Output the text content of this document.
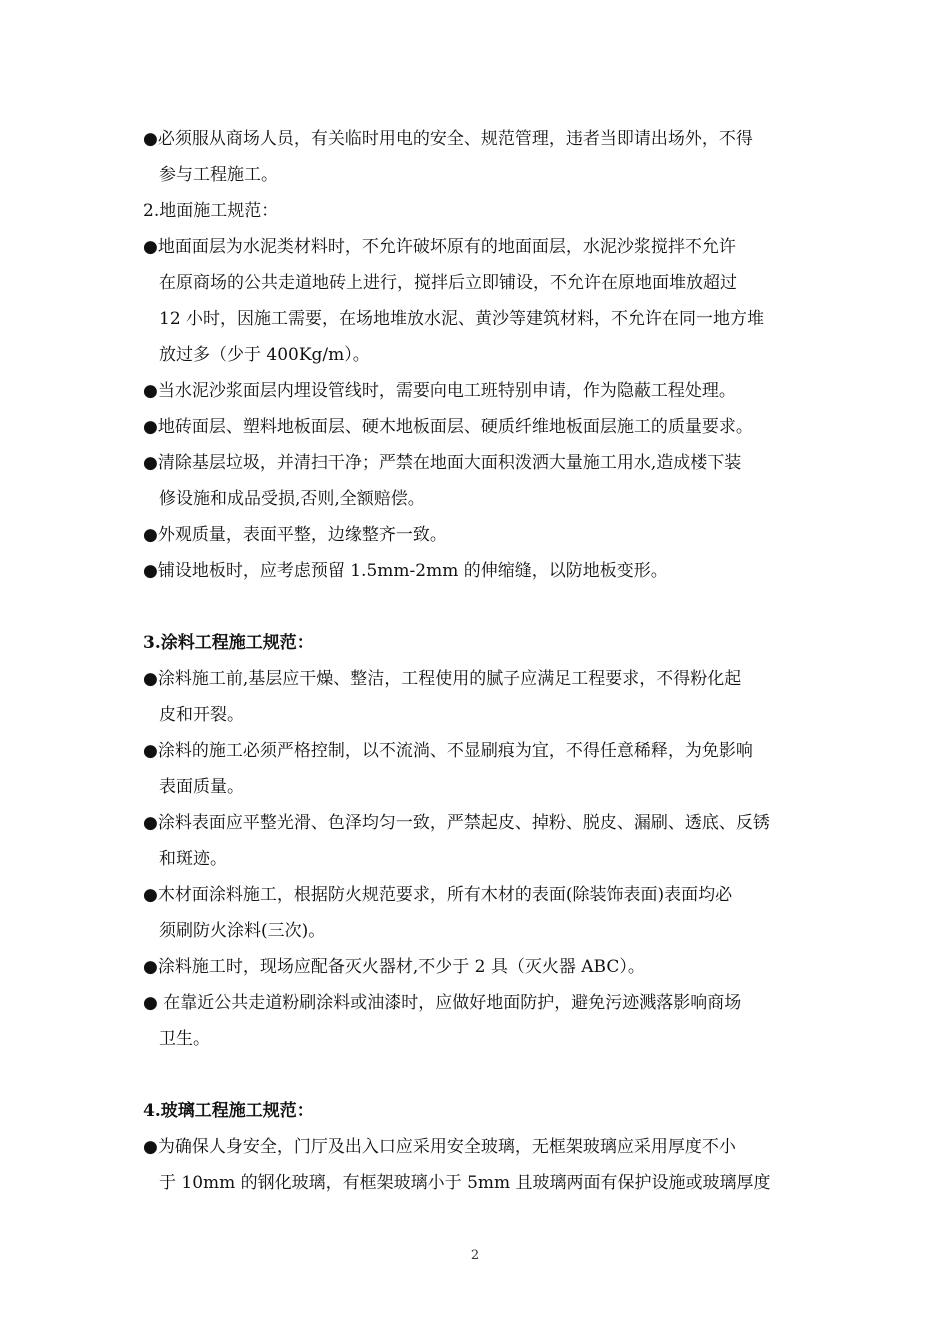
●必须服从商场人员，有关临时用电的安全、规范管理，违者当即请出场外，不得
参与工程施工。
2.地面施工规范：
●地面面层为水泥类材料时，不允许破坏原有的地面面层，水泥沙浆搅拌不允许
在原商场的公共走道地砖上进行，搅拌后立即铺设，不允许在原地面堆放超过
12 小时，因施工需要，在场地堆放水泥、黄沙等建筑材料，不允许在同一地方堆
放过多（少于 400Kg/m）。
●当水泥沙浆面层内埋设管线时，需要向电工班特别申请，作为隐蔽工程处理。
●地砖面层、塑料地板面层、硬木地板面层、硬质纤维地板面层施工的质量要求。
●清除基层垃圾，并清扫干净；严禁在地面大面积泼洒大量施工用水,造成楼下装
修设施和成品受损,否则,全额赔偿。
●外观质量，表面平整，边缘整齐一致。
●铺设地板时，应考虑预留 1.5mm-2mm 的伸缩缝，以防地板变形。
3.涂料工程施工规范：
●涂料施工前,基层应干燥、整洁，工程使用的腻子应满足工程要求，不得粉化起
皮和开裂。
●涂料的施工必须严格控制，以不流淌、不显刷痕为宜，不得任意稀释，为免影响
表面质量。
●涂料表面应平整光滑、色泽均匀一致，严禁起皮、掉粉、脱皮、漏刷、透底、反锈
和斑迹。
●木材面涂料施工，根据防火规范要求，所有木材的表面(除装饰表面)表面均必
须刷防火涂料(三次)。
●涂料施工时，现场应配备灭火器材,不少于 2 具（灭火器 ABC）。
● 在靠近公共走道粉刷涂料或油漆时，应做好地面防护，避免污迹溅落影响商场
卫生。
4.玻璃工程施工规范：
●为确保人身安全，门厅及出入口应采用安全玻璃，无框架玻璃应采用厚度不小
于 10mm 的钢化玻璃，有框架玻璃小于 5mm 且玻璃两面有保护设施或玻璃厚度
2
